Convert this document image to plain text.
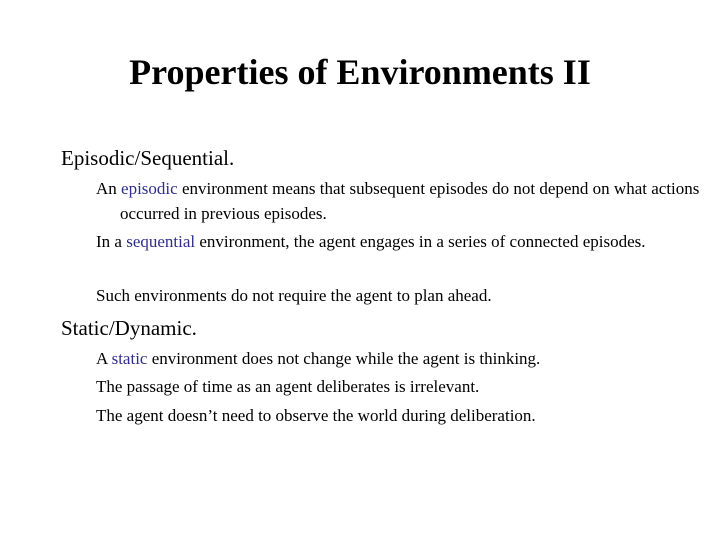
Properties of Environments II

Episodic/Sequential.

An episodic environment means that subsequent episodes do not depend on what actions occurred in previous episodes.

In a sequential environment, the agent engages in a series of connected episodes.

Such environments do not require the agent to plan ahead.

Static/Dynamic.

A static environment does not change while the agent is thinking.

The passage of time as an agent deliberates is irrelevant.

The agent doesn’t need to observe the world during deliberation.
